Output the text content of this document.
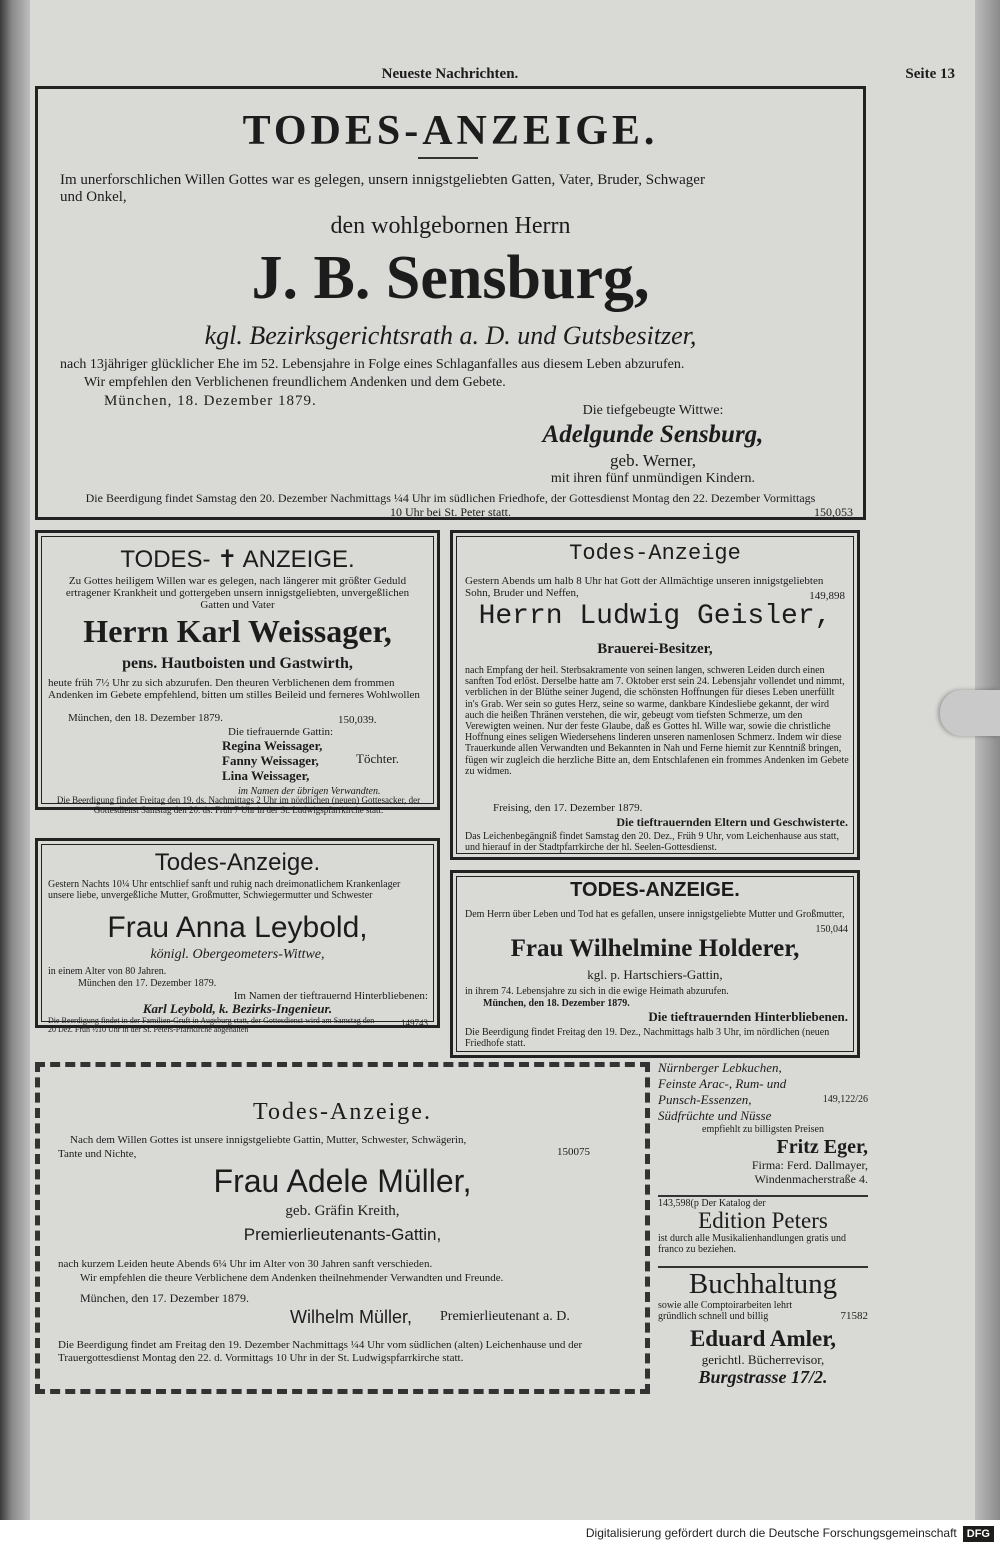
Neueste Nachrichten.	Seite 13
TODES-ANZEIGE.
Im unerforschlichen Willen Gottes war es gelegen, unsern innigstgeliebten Gatten, Vater, Bruder, Schwager
und Onkel,
den wohlgebornen Herrn
J. B. Sensburg,
kgl. Bezirksgerichtsrath a. D. und Gutsbesitzer,
nach 13jähriger glücklicher Ehe im 52. Lebensjahre in Folge eines Schlaganfalles aus diesem Leben abzurufen.
Wir empfehlen den Verblichenen freundlichem Andenken und dem Gebete.
München, 18. Dezember 1879.
Die tiefgebeugte Wittwe:
Adelgunde Sensburg,
geb. Werner,
mit ihren fünf unmündigen Kindern.
Die Beerdigung findet Samstag den 20. Dezember Nachmittags ¼4 Uhr im südlichen Friedhofe, der Gottesdienst Montag den 22. Dezember Vormittags
10 Uhr bei St. Peter statt.	150,053
TODES- ✝ ANZEIGE.
Zu Gottes heiligem Willen war es gelegen, nach längerer mit größter Geduld ertragener Krankheit und gottergeben unsern innigstgeliebten, unvergeßlichen Gatten und Vater
Herrn Karl Weissager,
pens. Hautboisten und Gastwirth,
heute früh 7½ Uhr zu sich abzurufen. Den theuren Verblichenen dem frommen Andenken im Gebete empfehlend, bitten um stilles Beileid und ferneres Wohlwollen
München, den 18. Dezember 1879.	150,039.
Die tiefrauernde Gattin:
Regina Weissager,
Fanny Weissager,
Lina Weissager,
Töchter.
im Namen der übrigen Verwandten.
Die Beerdigung findet Freitag den 19. ds. Nachmittags 2 Uhr im nördlichen (neuen) Gottesacker, der Gottesdienst Samstag den 20. ds. Früh 7 Uhr in der St. Ludwigspfarrkirche statt.
Todes-Anzeige
Gestern Abends um halb 8 Uhr hat Gott der Allmächtige unseren innigstgeliebten Sohn, Bruder und Neffen,	149,898
Herrn Ludwig Geisler,
Brauerei-Besitzer,
nach Empfang der heil. Sterbsakramente von seinen langen, schweren Leiden durch einen sanften Tod erlöst. Derselbe hatte am 7. Oktober erst sein 24. Lebensjahr vollendet und nimmt, verblichen in der Blüthe seiner Jugend, die schönsten Hoffnungen für dieses Leben unerfüllt in's Grab. Wer sein so gutes Herz, seine so warme, dankbare Kindesliebe gekannt, der wird auch die heißen Thränen verstehen, die wir, gebeugt vom tiefsten Schmerze, um den Verewigten weinen. Nur der feste Glaube, daß es Gottes hl. Wille war, sowie die christliche Hoffnung eines seligen Wiedersehens linderen unseren namenlosen Schmerz. Indem wir diese Trauerkunde allen Verwandten und Bekannten in Nah und Ferne hiemit zur Kenntniß bringen, fügen wir zugleich die herzliche Bitte an, dem Entschlafenen ein frommes Andenken im Gebete zu widmen.
Freising, den 17. Dezember 1879.
Die tieftrauernden Eltern und Geschwisterte.
Das Leichenbegängniß findet Samstag den 20. Dez., Früh 9 Uhr, vom Leichenhause aus statt, und hierauf in der Stadtpfarrkirche der hl. Seelen-Gottesdienst.
Todes-Anzeige.
Gestern Nachts 10¼ Uhr entschlief sanft und ruhig nach dreimonatlichem Krankenlager unsere liebe, unvergeßliche Mutter, Großmutter, Schwiegermutter und Schwester
Frau Anna Leybold,
königl. Obergeometers-Wittwe,
in einem Alter von 80 Jahren.
München den 17. Dezember 1879.
Im Namen der tieftrauernd Hinterbliebenen:
Karl Leybold, k. Bezirks-Ingenieur.
Die Beerdigung findet in der Familien-Gruft in Augsburg statt, der Gottesdienst wird am Samstag den 20 Dez. Früh ½10 Uhr in der St. Peters-Pfarrkirche abgehalten
149743
TODES-ANZEIGE.
Dem Herrn über Leben und Tod hat es gefallen, unsere innigstgeliebte Mutter und Großmutter,
150,044
Frau Wilhelmine Holderer,
kgl. p. Hartschiers-Gattin,
in ihrem 74. Lebensjahre zu sich in die ewige Heimath abzurufen.
München, den 18. Dezember 1879.
Die tieftrauernden Hinterbliebenen.
Die Beerdigung findet Freitag den 19. Dez., Nachmittags halb 3 Uhr, im nördlichen (neuen Friedhofe statt.
Todes-Anzeige.
Nach dem Willen Gottes ist unsere innigstgeliebte Gattin, Mutter, Schwester, Schwägerin,
Tante und Nichte,	150075
Frau Adele Müller,
geb. Gräfin Kreith,
Premierlieutenants-Gattin,
nach kurzem Leiden heute Abends 6¼ Uhr im Alter von 30 Jahren sanft verschieden.
Wir empfehlen die theure Verblichene dem Andenken theilnehmender Verwandten und Freunde.
München, den 17. Dezember 1879.
Wilhelm Müller,	Premierlieutenant a. D.
Die Beerdigung findet am Freitag den 19. Dezember Nachmittags ¼4 Uhr vom südlichen (alten) Leichenhause und der Trauergottesdienst Montag den 22. d. Vormittags 10 Uhr in der St. Ludwigspfarrkirche statt.
Nürnberger Lebkuchen,
Feinste Arac-, Rum- und
Punsch-Essenzen,	149,122/26
Südfrüchte und Nüsse
empfiehlt zu billigsten Preisen
Fritz Eger,
Firma: Ferd. Dallmayer,
Windenmacherstraße 4.
143,598(p Der Katalog der
Edition Peters
ist durch alle Musikalienhandlungen gratis und franco zu beziehen.
Buchhaltung
sowie alle Comptoirarbeiten lehrt gründlich schnell und billig	71582
Eduard Amler,
gerichtl. Bücherrevisor,
Burgstrasse 17/2.
Digitalisierung gefördert durch die Deutsche Forschungsgemeinschaft DFG
